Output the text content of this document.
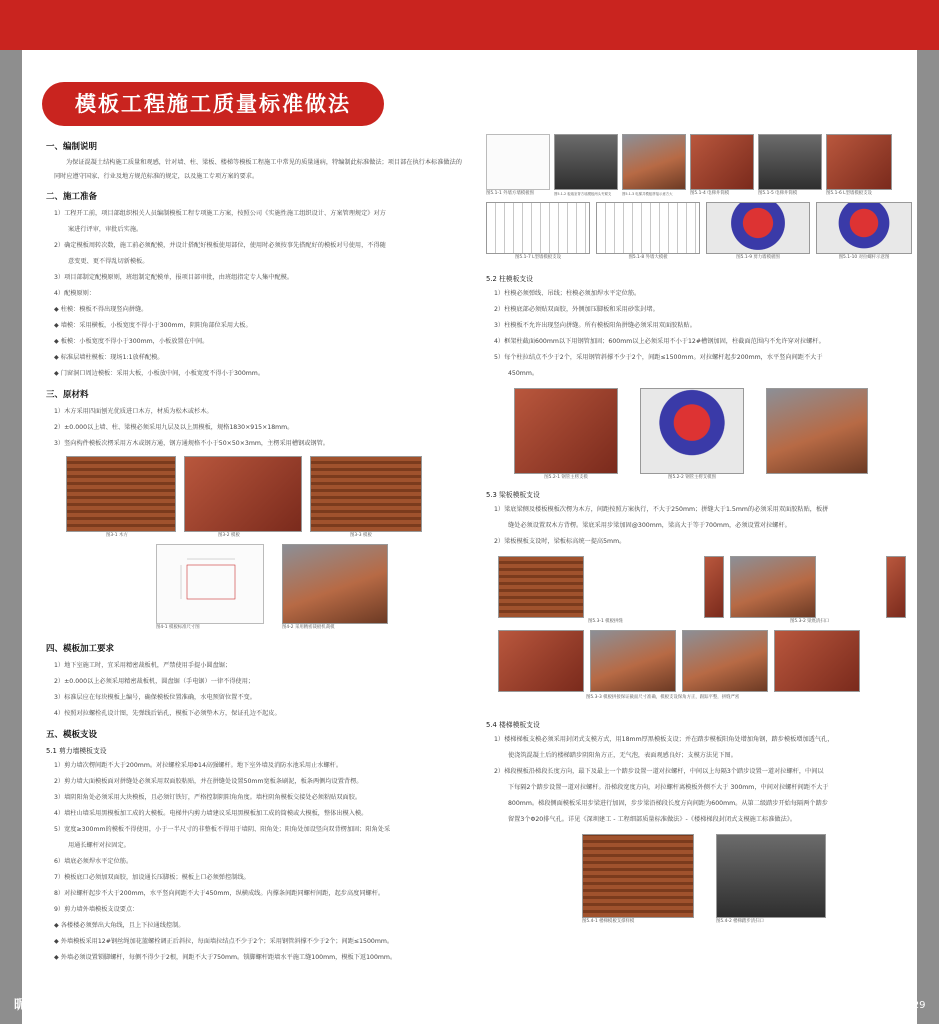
模板工程施工质量标准做法
一、编制说明
为保证混凝土结构施工质量和观感，针对墙、柱、梁板、楼梯等模板工程施工中常见的质量通病，特编制此标准做法；项目部在执行本标准做法的同时应遵守国家、行业及地方规范标准的规定，以及施工专项方案的要求。
二、施工准备
1）工程开工前，项目部组织相关人员编制模板工程专项施工方案，按照公司《实施性施工组织设计、方案管理规定》对方
案进行评审，审批后实施。
2）确定模板周转次数，施工前必须配模，并设计搭配好模板使用部位，使用时必须按事先搭配好的模板对号使用，不得随
意变更、更不得乱切新模板。
3）项目部制定配模原则，班组制定配模单，报项目部审批，由班组指定专人集中配模。
4）配模原则：
◆ 柱模：模板不得出现竖向拼缝。
◆ 墙模：采用横板，小板宽度不得小于300mm，阴阳角部位采用大板。
◆ 板模：小板宽度不得小于300mm，小板放置在中间。
◆ 标准层墙柱模板：现场1:1放样配模。
◆ 门窗洞口周边模板：采用大板，小板放中间，小板宽度不得小于300mm。
三、原材料
1）木方采用四面刨光优质进口木方，材质为松木或杉木。
2）±0.000以上墙、柱、梁模必须采用九层及以上黑模板，规格1830×915×18mm。
3）竖向构件模板次楞采用方木或钢方通，钢方通规格不小于50×50×3mm，主楞采用槽钢或钢管。
图3-1 木方	图3-2 模板	图3-3 模板
图4-1 模板标准尺寸图	图4-2 采用精密裁板机裁模
四、模板加工要求
1）地下室施工时，宜采用精密裁板机，严禁使用手提小圆盘锯；
2）±0.000以上必须采用精密裁板机，圆盘锯（手电锯）一律不得使用；
3）标准层应在每块模板上编号，确保模板位置准确，水电预留位置不变。
4）按照对拉螺栓孔设计图，先弹线后钻孔，模板下必须垫木方，保证孔边不起皮。
五、模板支设
5.1 剪力墙模板支设
1）剪力墙次楞间距不大于200mm。对拉螺栓采用Φ14高强螺杆。地下室外墙及消防水池采用止水螺杆。
2）剪力墙大面模板面对拼缝处必须采用双面胶粘贴，并在拼缝处设置50mm宽板条刷泥，板条两侧均设置背楞。
3）墙阴阳角处必须采用大块模板，且必须钉铁钉，严格控制阴阳角角度。墙柱阴角模板交接处必须粘贴双面胶。
4）墙柱山墙采用黑模板加工成的大模板。电梯井内剪力墙建议采用黑模板加工成的筒模或大模板，整体出模入模。
5）宽度≥300mm的模板不得使用，小于一半尺寸的非整板不得用于墙阴、阳角处；阳角处加设竖向双背楞加固；阳角处采
用通长螺杆对拉固定。
6）墙底必须焊水平定位筋。
7）模板底口必须加双面胶，加设通长压脚板；模板上口必须弹控制线。
8）对拉螺杆起步不大于200mm，水平竖向间距不大于450mm，纵横成线。内撑条间距同螺杆间距，起步高度同螺杆。
9）剪力墙外墙模板支设要点：
◆ 各楼楼必须弹出大角线，且上下拉通线控制。
◆ 外墙模板采用12#钢丝绳加花篮螺栓调正后斜拉，每面墙拉结点不少于2个；采用钢管斜撑不少于2个；间距≤1500mm。
◆ 外墙必须设置锁脚螺杆，每侧不得少于2根，间距不大于750mm。锁脚螺杆距墙水平施工缝100mm，模板下返100mm。
图5.1-1 外墙方墙模板图	图5.1-2 板墙室背方墙模板两头夹紧支	图5.1-3 电梯井模板拼接示意方大	图5.1-4 电梯井筒模	图5.1-5 电梯井筒模	图5.1-6 L型墙模板支设
图5.1-7 L型墙模板支设	图5.1-8 外墙大模板	图5.1-9 剪力墙模板图	图5.1-10 对拉螺杆示意图
5.2 柱模板支设
1）柱模必须弹线、吊线；柱模必须加焊水平定位筋。
2）柱模底部必须贴双面胶，外侧加压脚板和采用砂浆封堵。
3）柱模板不允许出现竖向拼缝。所有模板阳角拼缝必须采用双面胶粘贴。
4）框架柱截面600mm以下用钢管加固；600mm以上必须采用不小于12#槽钢加固，柱截面范围内不允许穿对拉螺杆。
5）每个柱拉结点不少于2个，采用钢管斜撑不少于2个，间距≤1500mm。对拉螺杆起步200mm，水平竖向间距不大于
450mm。
图5.2-1 钢管主楞支模	图5.2-2 钢管主楞支模图
5.3 梁板模板支设
1）梁底梁侧及楼板模板次楞为木方，间距按照方案执行，不大于250mm；拼缝大于1.5mm的必须采用双面胶粘贴，板拼
缝处必须设置双木方背楞。梁底采用步梁加固@300mm，梁高大于等于700mm，必须设置对拉螺杆。
2）梁板模板支设时，梁板标高统一提高5mm。
图5.3-1 模板拼缝	图5.3-2 梁底清扫口
图5.3-3 模板拼接保证截面尺寸准确，模板支设保角方正，跟踪平整，拼缝严密
5.4 楼梯模板支设
1）楼梯梯板支模必须采用封闭式支模方式，用18mm厚黑模板支设；并在踏步模板阳角处增加角钢，踏步模板增加透气孔，
使浇筑混凝土后的楼梯踏步阴阳角方正，无气泡，表面观感良好；支模方法见下图。
2）梯段模板沿梯段长度方向，最下及最上一个踏步设置一道对拉螺杆，中间以上每隔3个踏步设置一道对拉螺杆，中间以
下每隔2个踏步设置一道对拉螺杆。沿梯段宽度方向，对拉螺杆离模板外侧不大于 300mm，中间对拉螺杆间距不大于
800mm。梯段侧面模板采用步梁进行加固，步步梁沿梯段长度方向间距为600mm。从第二级踏步开始每隔两个踏步
留置3个Φ20排气孔。详见《深圳建工 - 工程细部质量标准做法》-《楼梯梯段封闭式支模施工标准做法》。
图5.4-1 楼梯模板支撑样模	图5.4-2 楼梯踏步清扫口
昵图网 www.nipic.com	ID:4534906 NO:20220516150008286129
